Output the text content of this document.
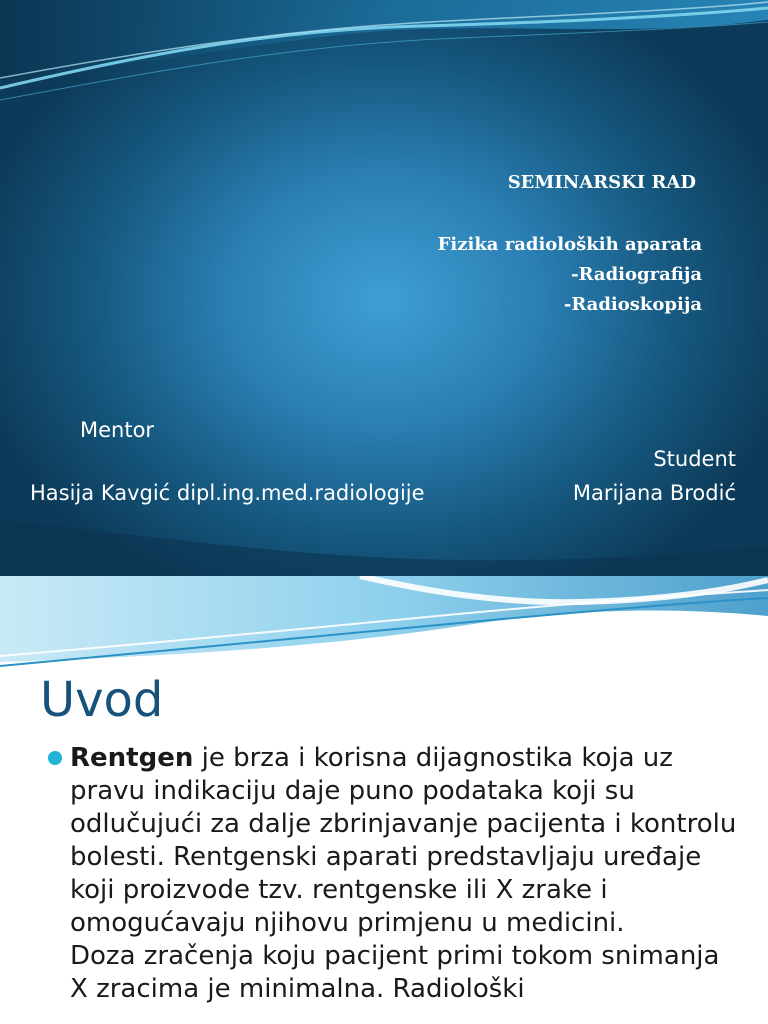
SEMINARSKI RAD
Fizika radioloških aparata
-Radiografija
-Radioskopija
Mentor
Hasija Kavgić dipl.ing.med.radiologije
Student
Marijana Brodić
Uvod

Rentgen je brza i korisna dijagnostika koja uz pravu indikaciju daje puno podataka koji su odlučujući za dalje zbrinjavanje pacijenta i kontrolu bolesti. Rentgenski aparati predstavljaju uređaje koji proizvode tzv. rentgenske ili X zrake i omogućavaju njihovu primjenu u medicini.

Doza zračenja koju pacijent primi tokom snimanja X zracima je minimalna. Radiološki
